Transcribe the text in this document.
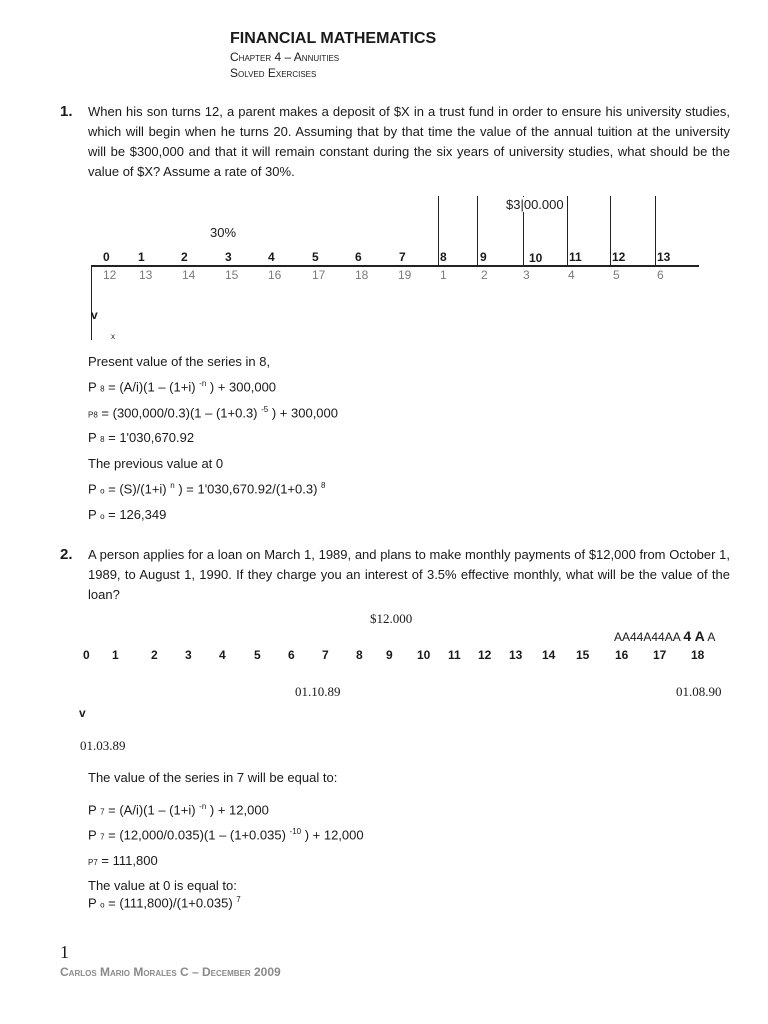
FINANCIAL MATHEMATICS
Chapter 4 – Annuities
Solved Exercises
1. When his son turns 12, a parent makes a deposit of $X in a trust fund in order to ensure his university studies, which will begin when he turns 20. Assuming that by that time the value of the annual tuition at the university will be $300,000 and that it will remain constant during the six years of university studies, what should be the value of $X? Assume a rate of 30%.
$3|00.000
30%
0 1	2	3	4	5	6	7	8	9	10 11	12	13
12 13 14 15 16	17 18 19 1	2	3	4	5	6
v
x
Present value of the series in 8,
P 8 = (A/i)(1 – (1+i) $^{-n}$ ) + 300,000
P8 = (300,000/0.3)(1 – (1+0.3) $^{-5}$ ) + 300,000
P 8 = 1'030,670.92
The previous value at 0
P o = (S)/(1+i) $^n$ ) = 1'030,670.92/(1+0.3) $^8$
P o = 126,349
2. A person applies for a loan on March 1, 1989, and plans to make monthly payments of $12,000 from October 1, 1989, to August 1, 1990. If they charge you an interest of 3.5% effective monthly, what will be the value of the loan?
$12.000
AA44A44AA 4 A A
0 1	2 3 4 5 6 7 8 9 10 11 12 13 14 15 16 17 18
01.10.89	01.08.90
v
01.03.89
The value of the series in 7 will be equal to:
P 7 = (A/i)(1 – (1+i) $^{-n}$ ) + 12,000
P 7 = (12,000/0.035)(1 – (1+0.035) $^{-10}$ ) + 12,000
P7 = 111,800
The value at 0 is equal to:
P o = (111,800)/(1+0.035) $^7$
1
Carlos Mario Morales C – December 2009
